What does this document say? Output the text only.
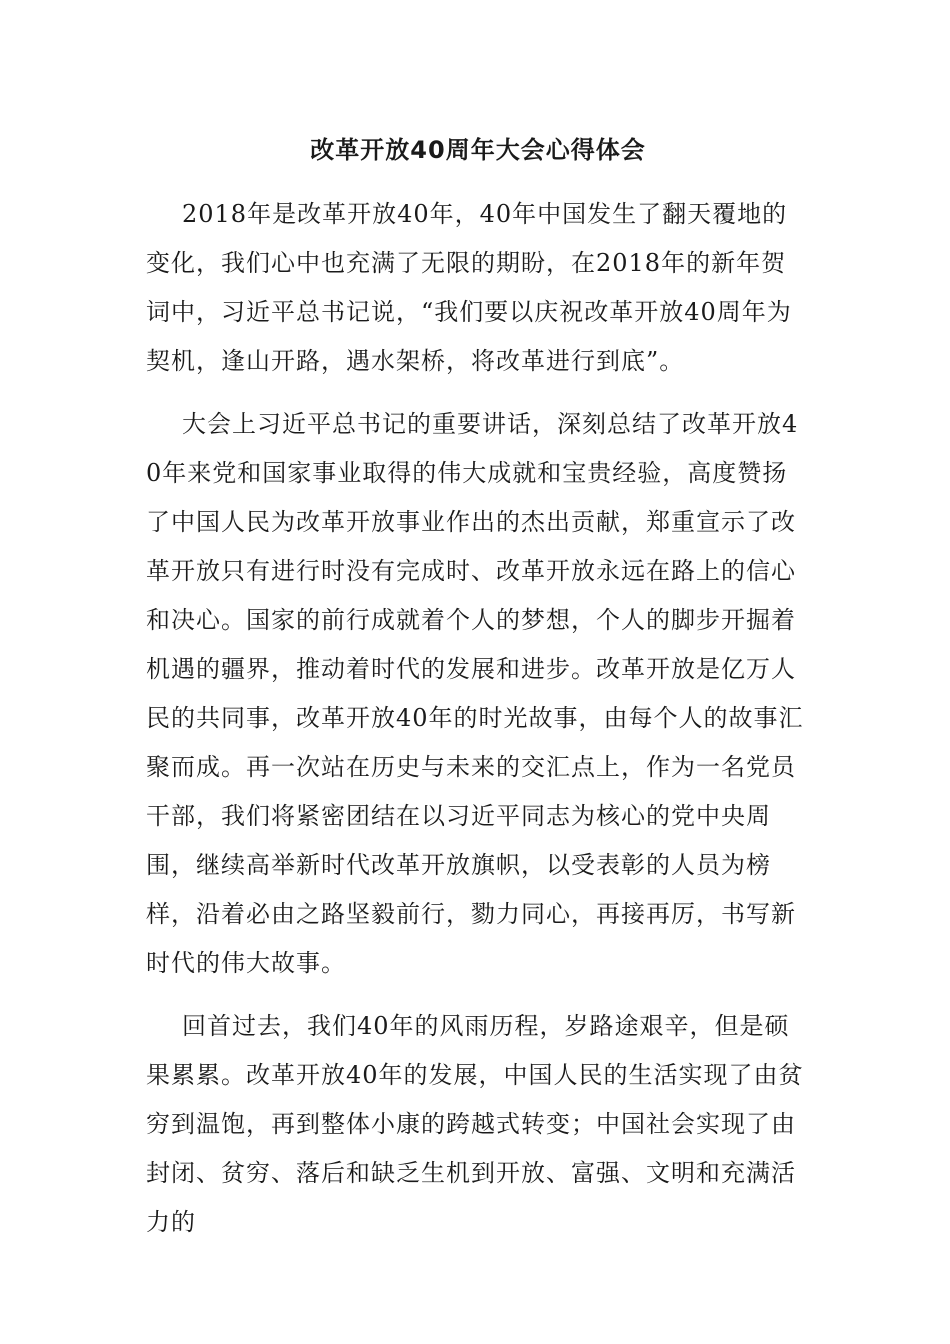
改革开放40周年大会心得体会

2018年是改革开放40年，40年中国发生了翻天覆地的变化，我们心中也充满了无限的期盼，在2018年的新年贺词中，习近平总书记说，“我们要以庆祝改革开放40周年为契机，逢山开路，遇水架桥，将改革进行到底”。

大会上习近平总书记的重要讲话，深刻总结了改革开放40年来党和国家事业取得的伟大成就和宝贵经验，高度赞扬了中国人民为改革开放事业作出的杰出贡献，郑重宣示了改革开放只有进行时没有完成时、改革开放永远在路上的信心和决心。国家的前行成就着个人的梦想，个人的脚步开掘着机遇的疆界，推动着时代的发展和进步。改革开放是亿万人民的共同事，改革开放40年的时光故事，由每个人的故事汇聚而成。再一次站在历史与未来的交汇点上，作为一名党员干部，我们将紧密团结在以习近平同志为核心的党中央周围，继续高举新时代改革开放旗帜，以受表彰的人员为榜样，沿着必由之路坚毅前行，勠力同心，再接再厉，书写新时代的伟大故事。

回首过去，我们40年的风雨历程，岁路途艰辛，但是硕果累累。改革开放40年的发展，中国人民的生活实现了由贫穷到温饱，再到整体小康的跨越式转变；中国社会实现了由封闭、贫穷、落后和缺乏生机到开放、富强、文明和充满活力的
